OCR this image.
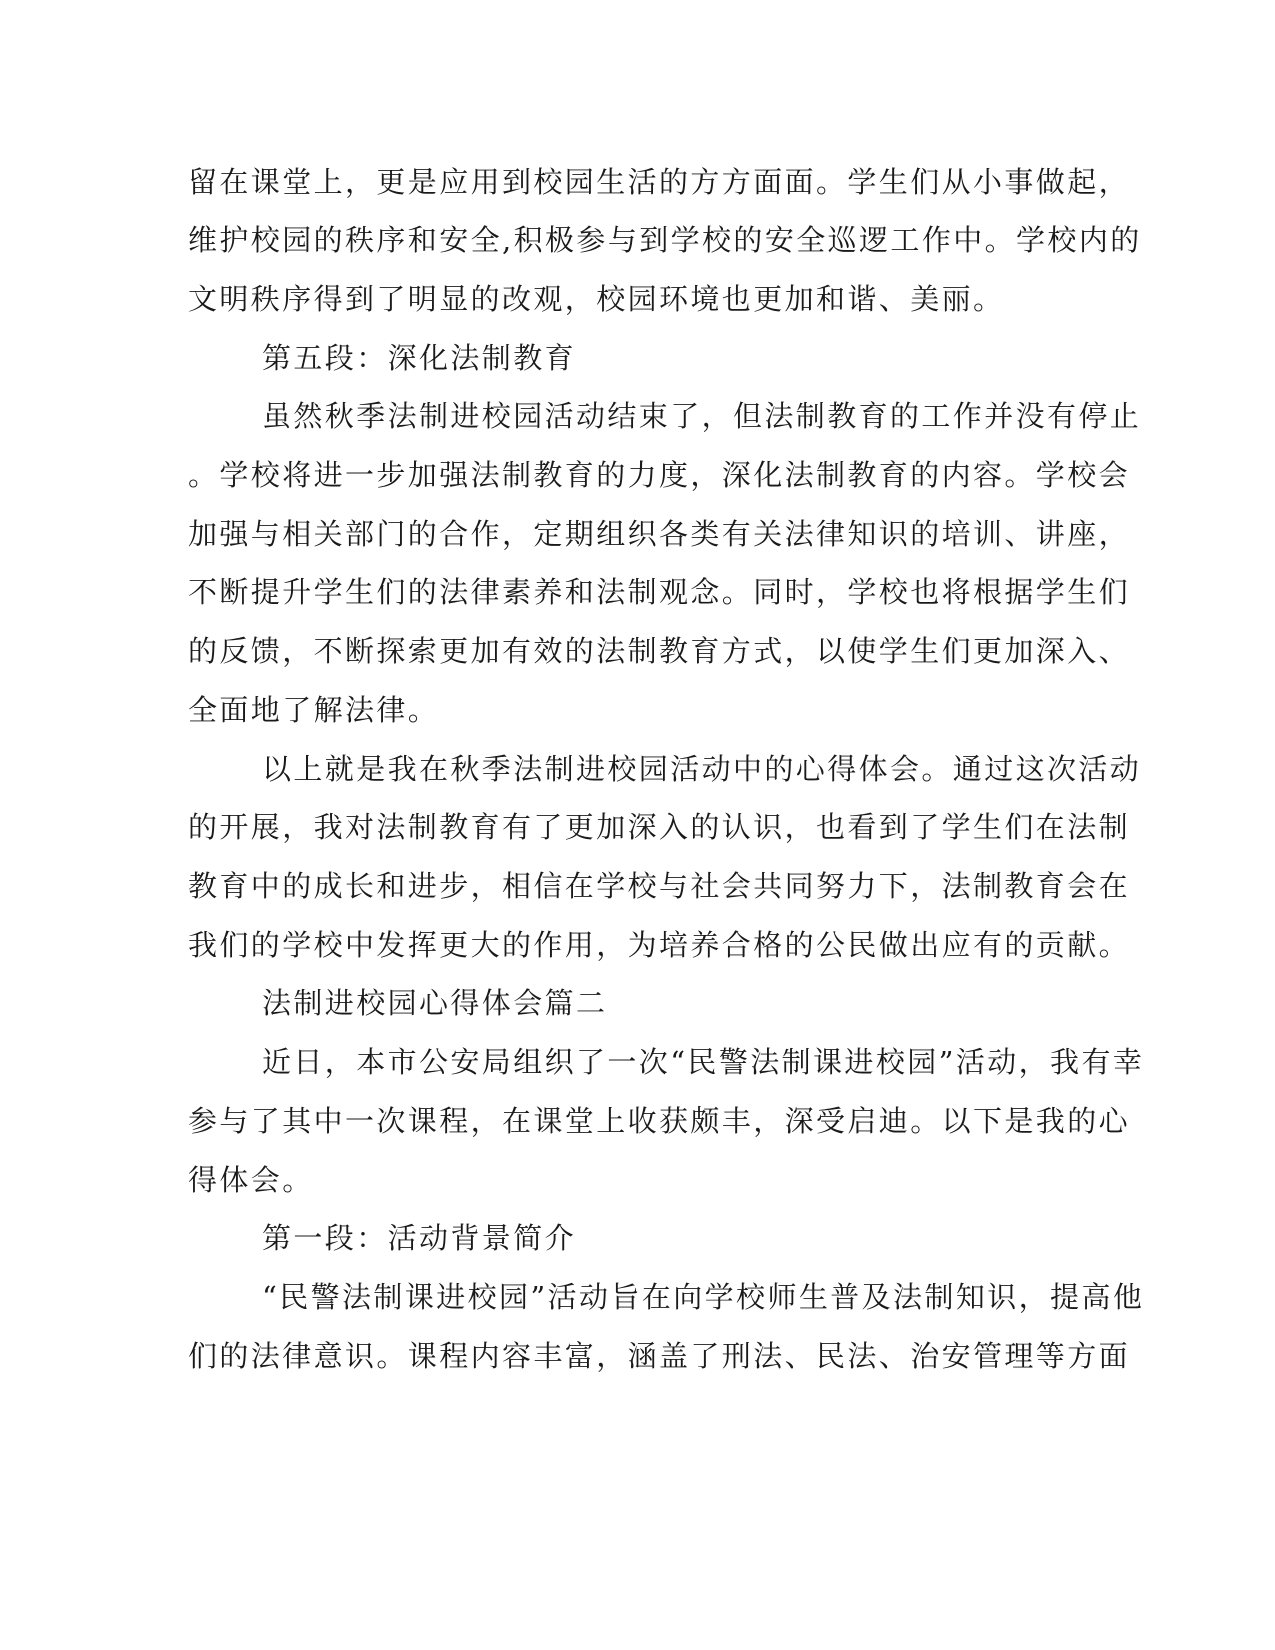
留在课堂上，更是应用到校园生活的方方面面。学生们从小事做起，
维护校园的秩序和安全,积极参与到学校的安全巡逻工作中。学校内的
文明秩序得到了明显的改观，校园环境也更加和谐、美丽。
第五段：深化法制教育
虽然秋季法制进校园活动结束了，但法制教育的工作并没有停止
。学校将进一步加强法制教育的力度，深化法制教育的内容。学校会
加强与相关部门的合作，定期组织各类有关法律知识的培训、讲座，
不断提升学生们的法律素养和法制观念。同时，学校也将根据学生们
的反馈，不断探索更加有效的法制教育方式，以使学生们更加深入、
全面地了解法律。
以上就是我在秋季法制进校园活动中的心得体会。通过这次活动
的开展，我对法制教育有了更加深入的认识，也看到了学生们在法制
教育中的成长和进步，相信在学校与社会共同努力下，法制教育会在
我们的学校中发挥更大的作用，为培养合格的公民做出应有的贡献。
法制进校园心得体会篇二
近日，本市公安局组织了一次“民警法制课进校园”活动，我有幸
参与了其中一次课程，在课堂上收获颇丰，深受启迪。以下是我的心
得体会。
第一段：活动背景简介
“民警法制课进校园”活动旨在向学校师生普及法制知识，提高他
们的法律意识。课程内容丰富，涵盖了刑法、民法、治安管理等方面
